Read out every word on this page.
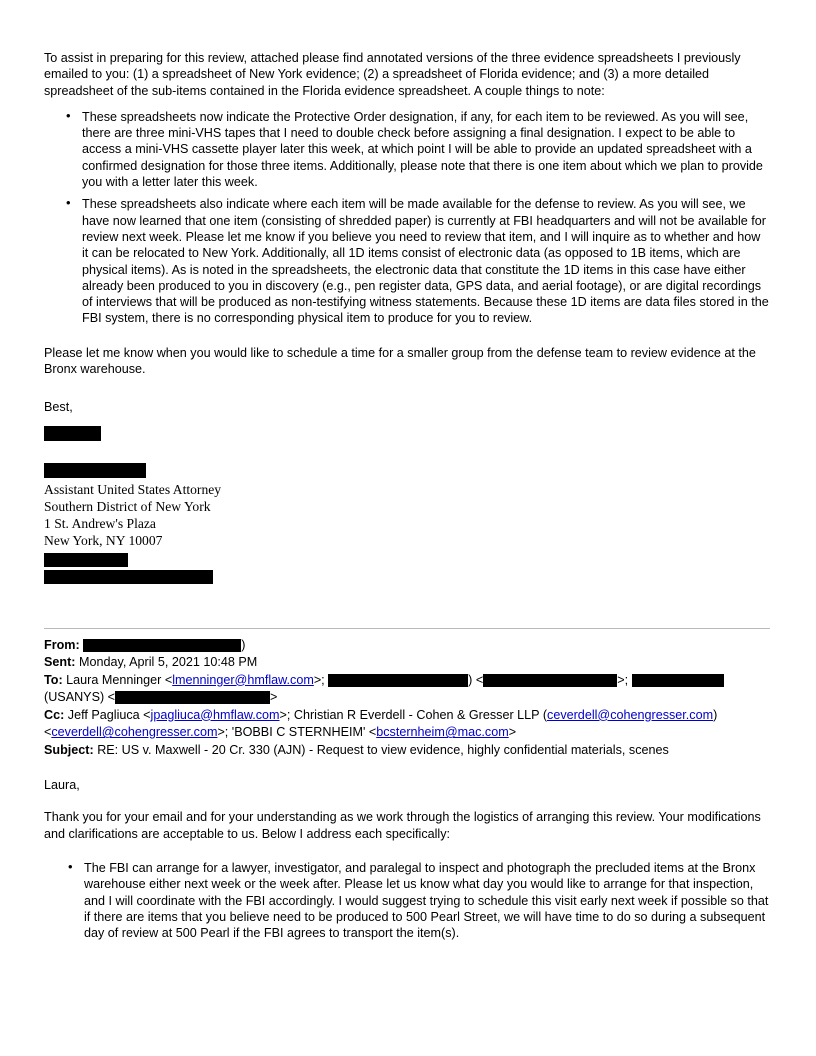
To assist in preparing for this review, attached please find annotated versions of the three evidence spreadsheets I previously emailed to you: (1) a spreadsheet of New York evidence; (2) a spreadsheet of Florida evidence; and (3) a more detailed spreadsheet of the sub-items contained in the Florida evidence spreadsheet. A couple things to note:

• These spreadsheets now indicate the Protective Order designation, if any, for each item to be reviewed. As you will see, there are three mini-VHS tapes that I need to double check before assigning a final designation. I expect to be able to access a mini-VHS cassette player later this week, at which point I will be able to provide an updated spreadsheet with a confirmed designation for those three items. Additionally, please note that there is one item about which we plan to provide you with a letter later this week.
• These spreadsheets also indicate where each item will be made available for the defense to review. As you will see, we have now learned that one item (consisting of shredded paper) is currently at FBI headquarters and will not be available for review next week. Please let me know if you believe you need to review that item, and I will inquire as to whether and how it can be relocated to New York. Additionally, all 1D items consist of electronic data (as opposed to 1B items, which are physical items). As is noted in the spreadsheets, the electronic data that constitute the 1D items in this case have either already been produced to you in discovery (e.g., pen register data, GPS data, and aerial footage), or are digital recordings of interviews that will be produced as non-testifying witness statements. Because these 1D items are data files stored in the FBI system, there is no corresponding physical item to produce for you to review.

Please let me know when you would like to schedule a time for a smaller group from the defense team to review evidence at the Bronx warehouse.

Best,

Assistant United States Attorney
Southern District of New York
1 St. Andrew's Plaza
New York, NY 10007
From:	)
Sent: Monday, April 5, 2021 10:48 PM
To: Laura Menninger <lmenninger@hmflaw.com>;	) <	>;
(USANYS) <	>
Cc: Jeff Pagliuca <jpagliuca@hmflaw.com>; Christian R Everdell - Cohen & Gresser LLP (ceverdell@cohengresser.com)
<ceverdell@cohengresser.com>; 'BOBBI C STERNHEIM' <bcsternheim@mac.com>
Subject: RE: US v. Maxwell - 20 Cr. 330 (AJN) - Request to view evidence, highly confidential materials, scenes

Laura,

Thank you for your email and for your understanding as we work through the logistics of arranging this review. Your modifications and clarifications are acceptable to us. Below I address each specifically:

• The FBI can arrange for a lawyer, investigator, and paralegal to inspect and photograph the precluded items at the Bronx warehouse either next week or the week after. Please let us know what day you would like to arrange for that inspection, and I will coordinate with the FBI accordingly. I would suggest trying to schedule this visit early next week if possible so that if there are items that you believe need to be produced to 500 Pearl Street, we will have time to do so during a subsequent day of review at 500 Pearl if the FBI agrees to transport the item(s).
